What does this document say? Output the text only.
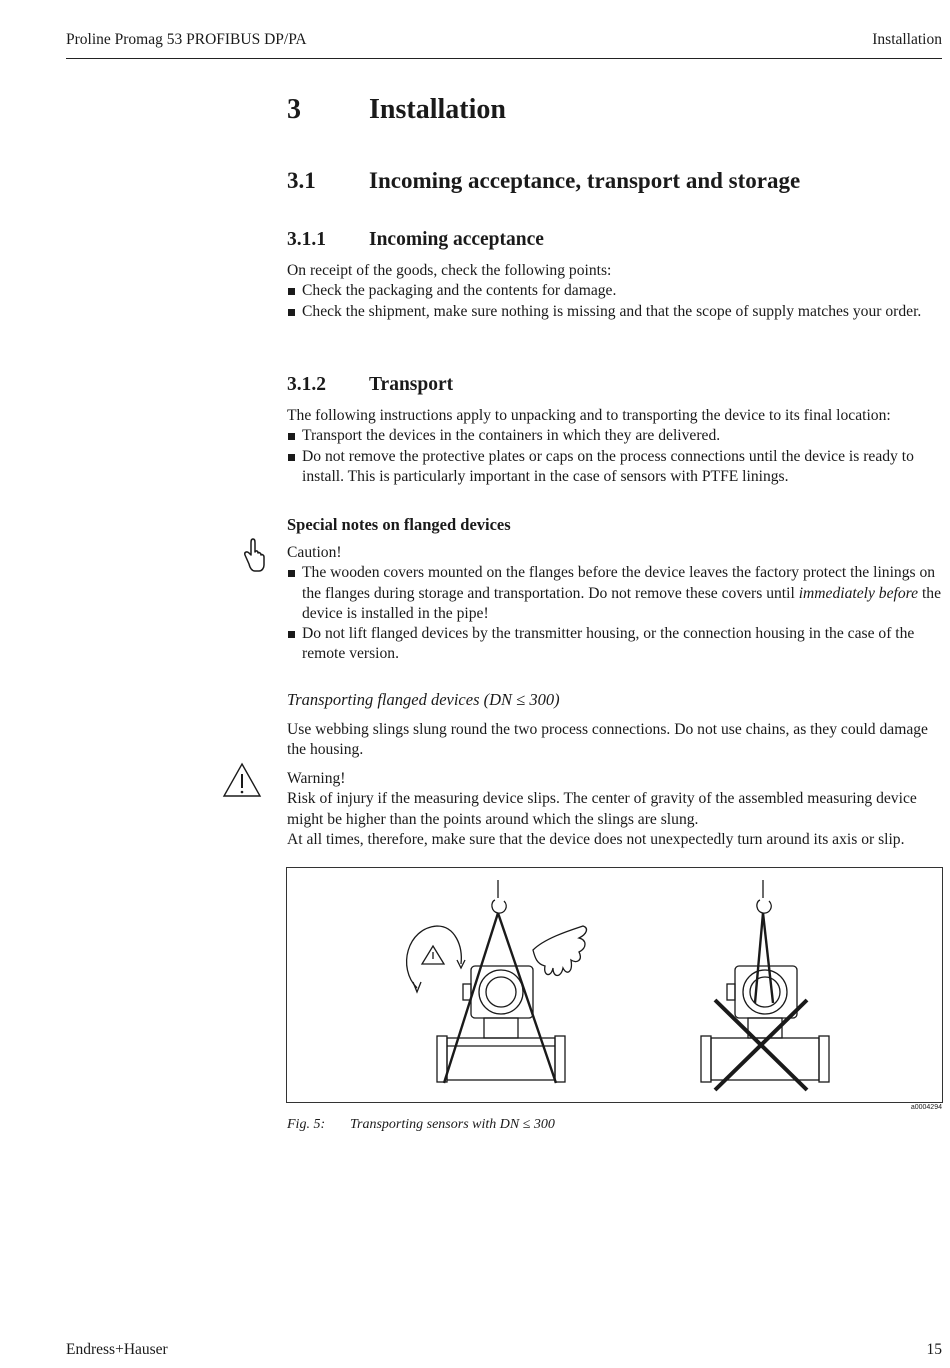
Proline Promag 53 PROFIBUS DP/PA	Installation
3 Installation
3.1 Incoming acceptance, transport and storage
3.1.1 Incoming acceptance
On receipt of the goods, check the following points:
Check the packaging and the contents for damage.
Check the shipment, make sure nothing is missing and that the scope of supply matches your order.
3.1.2 Transport
The following instructions apply to unpacking and to transporting the device to its final location:
Transport the devices in the containers in which they are delivered.
Do not remove the protective plates or caps on the process connections until the device is ready to install. This is particularly important in the case of sensors with PTFE linings.
Special notes on flanged devices
Caution!
The wooden covers mounted on the flanges before the device leaves the factory protect the linings on the flanges during storage and transportation. Do not remove these covers until immediately before the device is installed in the pipe!
Do not lift flanged devices by the transmitter housing, or the connection housing in the case of the remote version.
Transporting flanged devices (DN ≤ 300)
Use webbing slings slung round the two process connections. Do not use chains, as they could damage the housing.
Warning!
Risk of injury if the measuring device slips. The center of gravity of the assembled measuring device might be higher than the points around which the slings are slung.
At all times, therefore, make sure that the device does not unexpectedly turn around its axis or slip.
a0004294
Fig. 5: Transporting sensors with DN ≤ 300
Endress+Hauser	15
